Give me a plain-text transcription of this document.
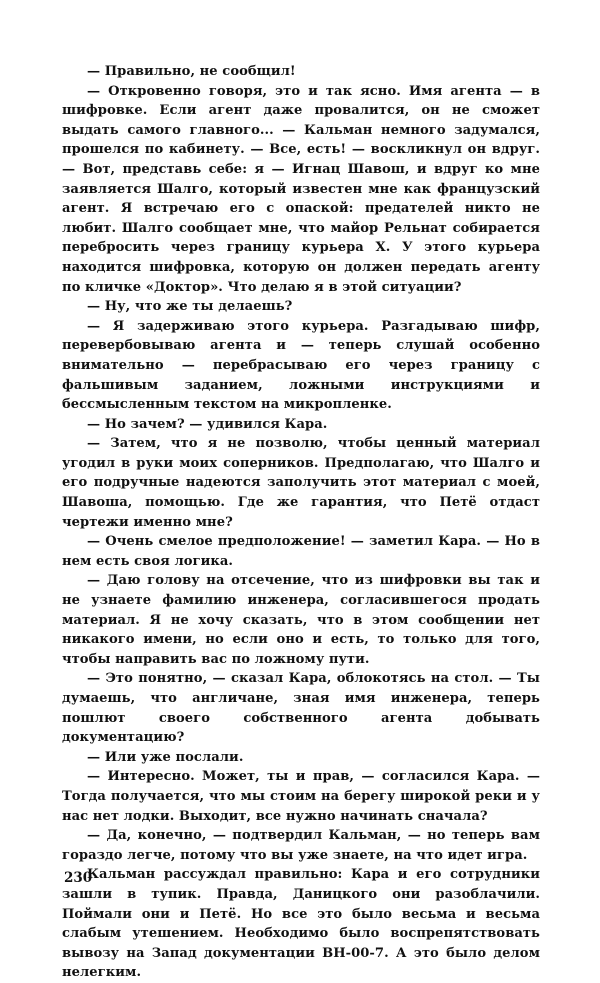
— Правильно, не сообщил!

— Откровенно говоря, это и так ясно. Имя агента — в шифровке. Если агент даже провалится, он не сможет выдать самого главного... — Кальман немного задумался, прошелся по кабинету. — Все, есть! — воскликнул он вдруг. — Вот, представь себе: я — Игнац Шавош, и вдруг ко мне заявляется Шалго, который известен мне как французский агент. Я встречаю его с опаской: предателей никто не любит. Шалго сообщает мне, что майор Рельнат собирается перебросить через границу курьера Х. У этого курьера находится шифровка, которую он должен передать агенту по кличке «Доктор». Что делаю я в этой ситуации?

— Ну, что же ты делаешь?

— Я задерживаю этого курьера. Разгадываю шифр, перевербовываю агента и — теперь слушай особенно внимательно — перебрасываю его через границу с фальшивым заданием, ложными инструкциями и бессмысленным текстом на микропленке.

— Но зачем? — удивился Кара.

— Затем, что я не позволю, чтобы ценный материал угодил в руки моих соперников. Предполагаю, что Шалго и его подручные надеются заполучить этот материал с моей, Шавоша, помощью. Где же гарантия, что Петё отдаст чертежи именно мне?

— Очень смелое предположение! — заметил Кара. — Но в нем есть своя логика.

— Даю голову на отсечение, что из шифровки вы так и не узнаете фамилию инженера, согласившегося продать материал. Я не хочу сказать, что в этом сообщении нет никакого имени, но если оно и есть, то только для того, чтобы направить вас по ложному пути.

— Это понятно, — сказал Кара, облокотясь на стол. — Ты думаешь, что англичане, зная имя инженера, теперь пошлют своего собственного агента добывать документацию?

— Или уже послали.

— Интересно. Может, ты и прав, — согласился Кара. — Тогда получается, что мы стоим на берегу широкой реки и у нас нет лодки. Выходит, все нужно начинать сначала?

— Да, конечно, — подтвердил Кальман, — но теперь вам гораздо легче, потому что вы уже знаете, на что идет игра.

Кальман рассуждал правильно: Кара и его сотрудники зашли в тупик. Правда, Даницкого они разоблачили. Поймали они и Петё. Но все это было весьма и весьма слабым утешением. Необходимо было воспрепятствовать вывозу на Запад документации ВН-00-7. А это было делом нелегким.

230
